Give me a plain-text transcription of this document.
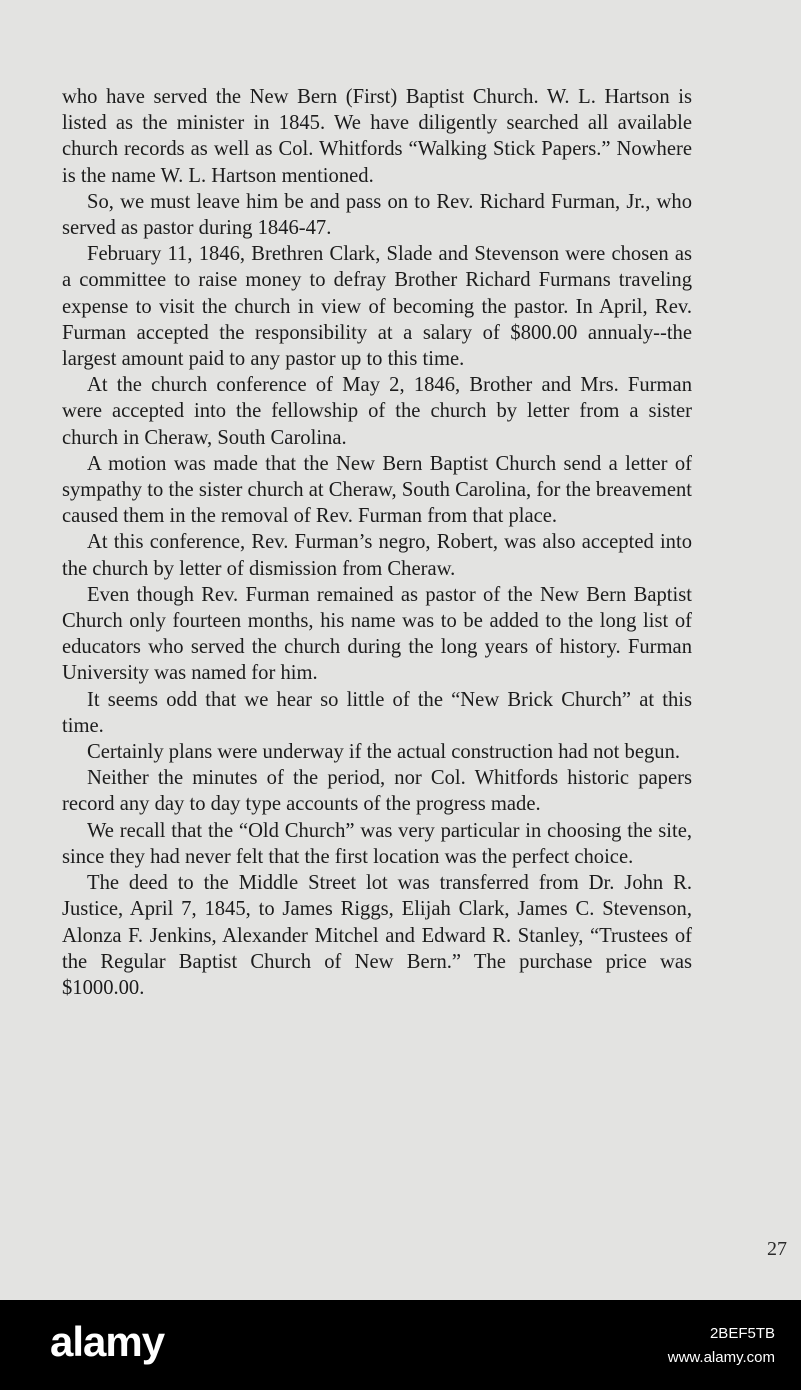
who have served the New Bern (First) Baptist Church. W. L. Hartson is listed as the minister in 1845. We have diligently searched all available church records as well as Col. Whitfords “Walking Stick Papers.” Nowhere is the name W. L. Hartson mentioned.

So, we must leave him be and pass on to Rev. Richard Furman, Jr., who served as pastor during 1846-47.

February 11, 1846, Brethren Clark, Slade and Stevenson were chosen as a committee to raise money to defray Brother Richard Furmans traveling expense to visit the church in view of becoming the pastor. In April, Rev. Furman accepted the responsibility at a salary of $800.00 annualy--the largest amount paid to any pastor up to this time.

At the church conference of May 2, 1846, Brother and Mrs. Furman were accepted into the fellowship of the church by letter from a sister church in Cheraw, South Carolina.

A motion was made that the New Bern Baptist Church send a letter of sympathy to the sister church at Cheraw, South Carolina, for the breavement caused them in the removal of Rev. Furman from that place.

At this conference, Rev. Furman’s negro, Robert, was also accepted into the church by letter of dismission from Cheraw.

Even though Rev. Furman remained as pastor of the New Bern Baptist Church only fourteen months, his name was to be added to the long list of educators who served the church during the long years of history. Furman University was named for him.

It seems odd that we hear so little of the “New Brick Church” at this time.

Certainly plans were underway if the actual construction had not begun.

Neither the minutes of the period, nor Col. Whitfords historic papers record any day to day type accounts of the progress made.

We recall that the “Old Church” was very particular in choosing the site, since they had never felt that the first location was the perfect choice.

The deed to the Middle Street lot was transferred from Dr. John R. Justice, April 7, 1845, to James Riggs, Elijah Clark, James C. Stevenson, Alonza F. Jenkins, Alexander Mitchel and Edward R. Stanley, “Trustees of the Regular Baptist Church of New Bern.” The purchase price was $1000.00.

27
alamy	2BEF5TB
www.alamy.com
